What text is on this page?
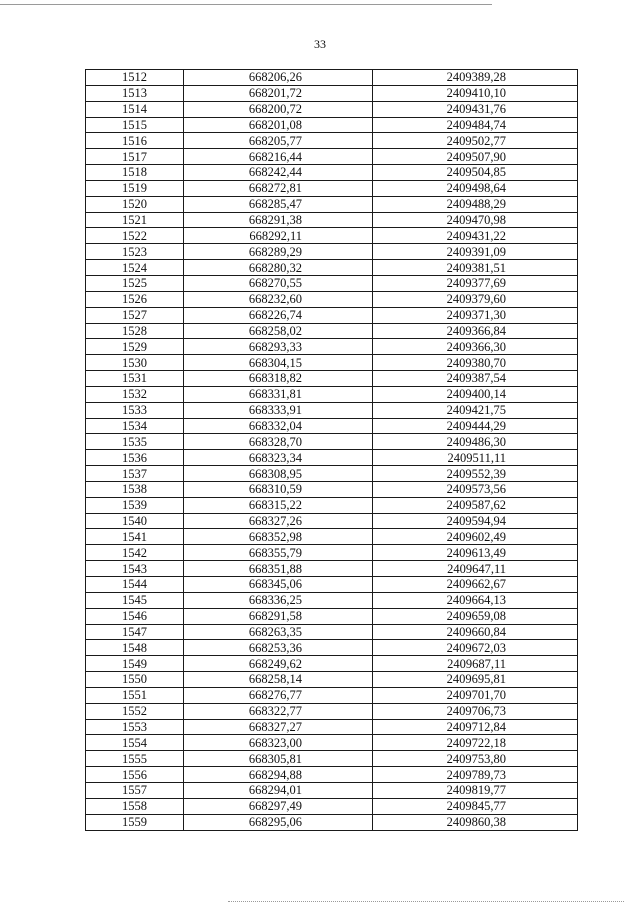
33
1512	668206,26	2409389,28
1513	668201,72	2409410,10
1514	668200,72	2409431,76
1515	668201,08	2409484,74
1516	668205,77	2409502,77
1517	668216,44	2409507,90
1518	668242,44	2409504,85
1519	668272,81	2409498,64
1520	668285,47	2409488,29
1521	668291,38	2409470,98
1522	668292,11	2409431,22
1523	668289,29	2409391,09
1524	668280,32	2409381,51
1525	668270,55	2409377,69
1526	668232,60	2409379,60
1527	668226,74	2409371,30
1528	668258,02	2409366,84
1529	668293,33	2409366,30
1530	668304,15	2409380,70
1531	668318,82	2409387,54
1532	668331,81	2409400,14
1533	668333,91	2409421,75
1534	668332,04	2409444,29
1535	668328,70	2409486,30
1536	668323,34	2409511,11
1537	668308,95	2409552,39
1538	668310,59	2409573,56
1539	668315,22	2409587,62
1540	668327,26	2409594,94
1541	668352,98	2409602,49
1542	668355,79	2409613,49
1543	668351,88	2409647,11
1544	668345,06	2409662,67
1545	668336,25	2409664,13
1546	668291,58	2409659,08
1547	668263,35	2409660,84
1548	668253,36	2409672,03
1549	668249,62	2409687,11
1550	668258,14	2409695,81
1551	668276,77	2409701,70
1552	668322,77	2409706,73
1553	668327,27	2409712,84
1554	668323,00	2409722,18
1555	668305,81	2409753,80
1556	668294,88	2409789,73
1557	668294,01	2409819,77
1558	668297,49	2409845,77
1559	668295,06	2409860,38
